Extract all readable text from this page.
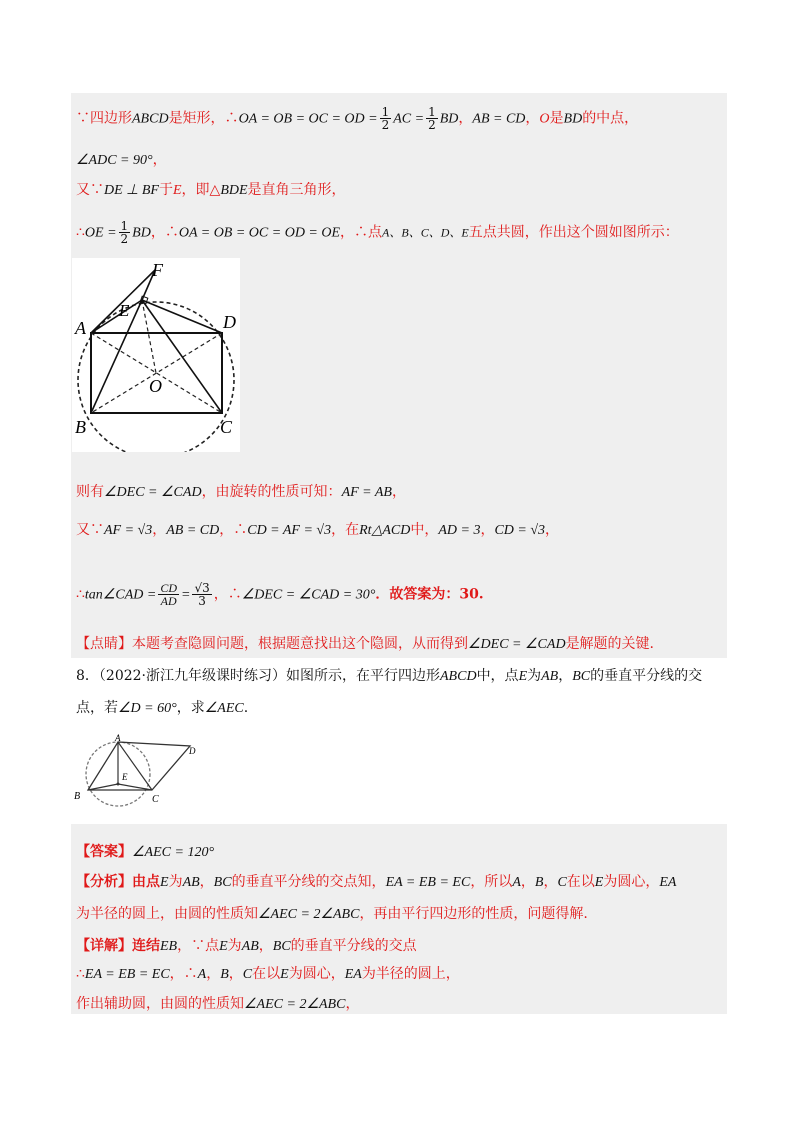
∵四边形ABCD是矩形，∴OA = OB = OC = OD = $\frac{1}{2}$ AC = $\frac{1}{2}$ BD，AB = CD，O是BD的中点，
∠ADC = 90°，
又∵DE ⊥ BF于E，即△BDE是直角三角形，
∴OE = $\frac{1}{2}$ BD，∴OA = OB = OC = OD = OE，∴点A、B、C、D、E五点共圆，作出这个圆如图所示：
F
E
A	D
O
B	C
则有∠DEC = ∠CAD，由旋转的性质可知：AF = AB，
又∵AF = √3，AB = CD，∴CD = AF = √3，在Rt△ACD中，AD = 3，CD = √3，
∴tan∠CAD = $\frac{CD}{AD} = \frac{√3}{3}$ ，∴∠DEC = ∠CAD = 30°．故答案为：30.
【点睛】本题考查隐圆问题，根据题意找出这个隐圆，从而得到∠DEC = ∠CAD是解题的关键.
8．（2022·浙江九年级课时练习）如图所示，在平行四边形ABCD中，点E为AB，BC的垂直平分线的交
点，若∠D = 60°，求∠AEC.
A
D
E
B	C
【答案】∠AEC = 120°
【分析】由点E为AB，BC的垂直平分线的交点知，EA = EB = EC，所以A，B，C在以E为圆心，EA
为半径的圆上，由圆的性质知∠AEC = 2∠ABC，再由平行四边形的性质，问题得解.
【详解】连结EB，∵点E为AB，BC的垂直平分线的交点
∴EA = EB = EC，∴A，B，C在以E为圆心，EA为半径的圆上，
作出辅助圆，由圆的性质知∠AEC = 2∠ABC，
